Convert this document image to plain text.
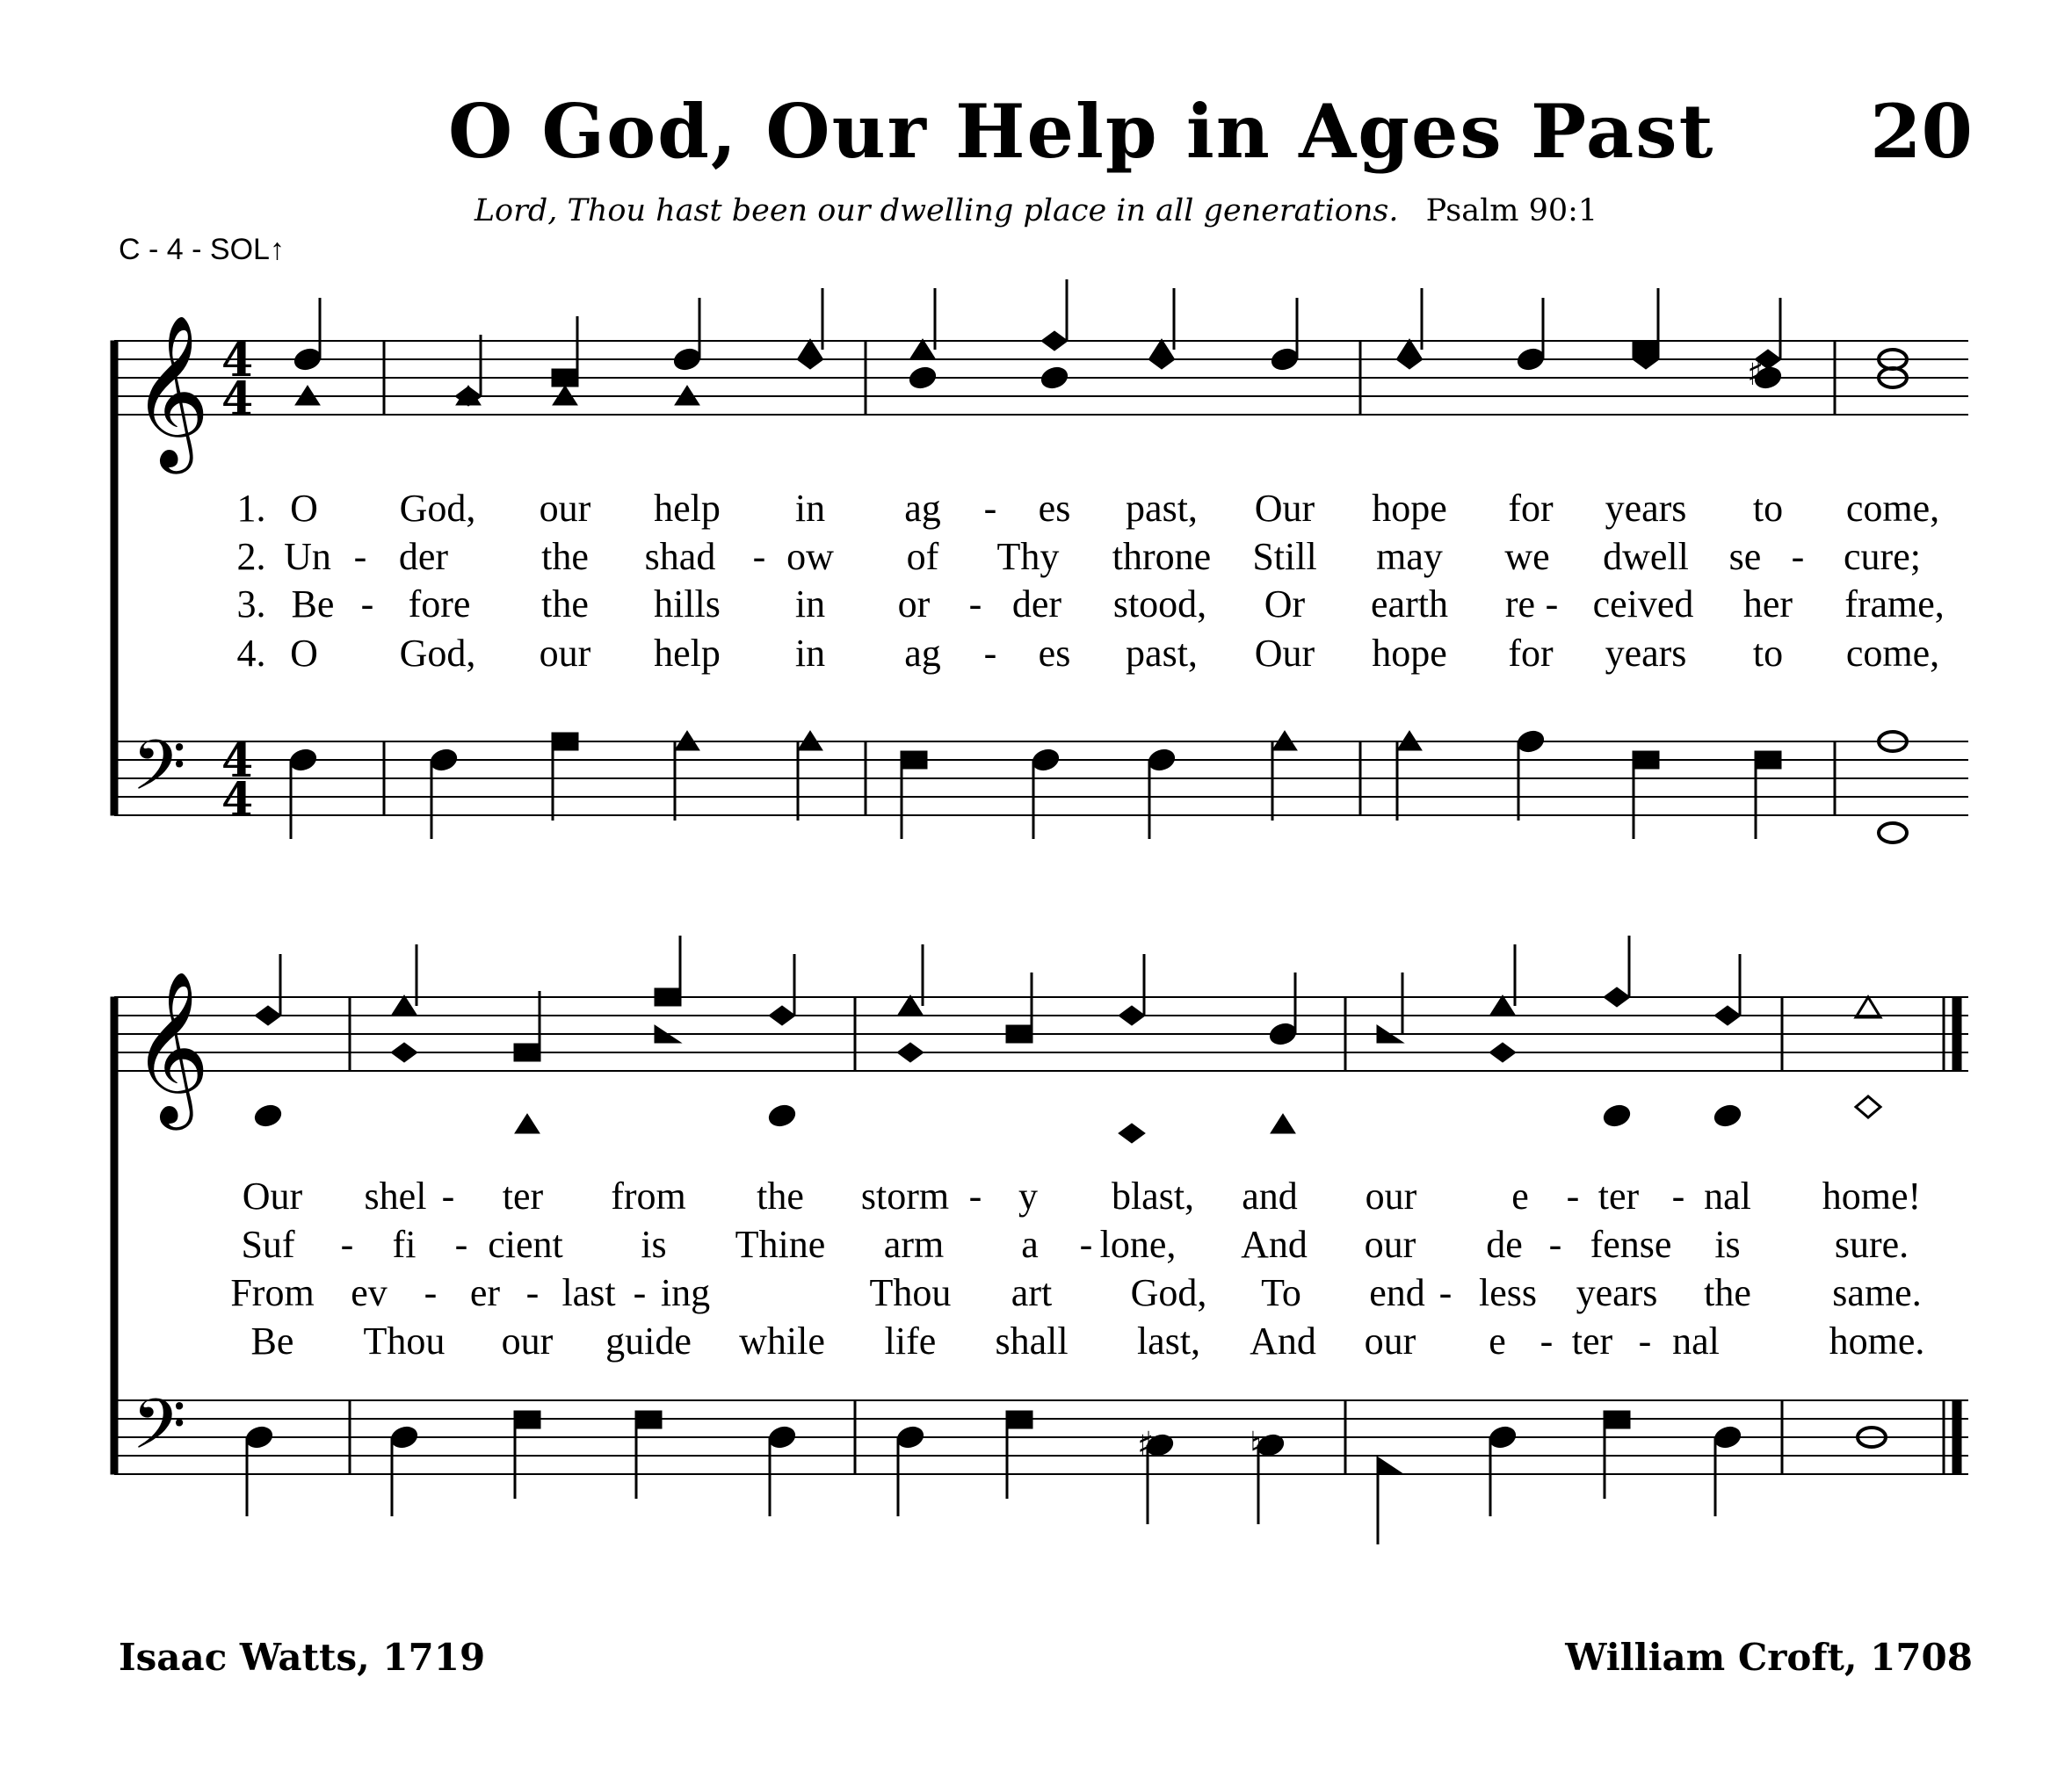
O God, Our Help in Ages Past 20
Lord, Thou hast been our dwelling place in all generations. Psalm 90:1
C - 4 - SOL↑
𝄞
𝄢
𝄞
𝄢
4
4
4
4
♯
♯	♮
1. O God, our help in ag - es past, Our hope for years to come,
2. Un - der the shad - ow of Thy throne Still may we dwell se - cure;
3. Be - fore the hills in or - der stood, Or earth re - ceived her frame,
4. O God, our help in ag - es past, Our hope for years to come,
Our shel - ter from the storm - y blast, and our e - ter - nal home!
Suf - fi - cient is Thine arm a - lone, And our de - fense is sure.
From ev - er - last - ing	Thou art God, To end - less years the same.
Be Thou our guide while life shall last, And our e - ter - nal	home.
Isaac Watts, 1719	William Croft, 1708
